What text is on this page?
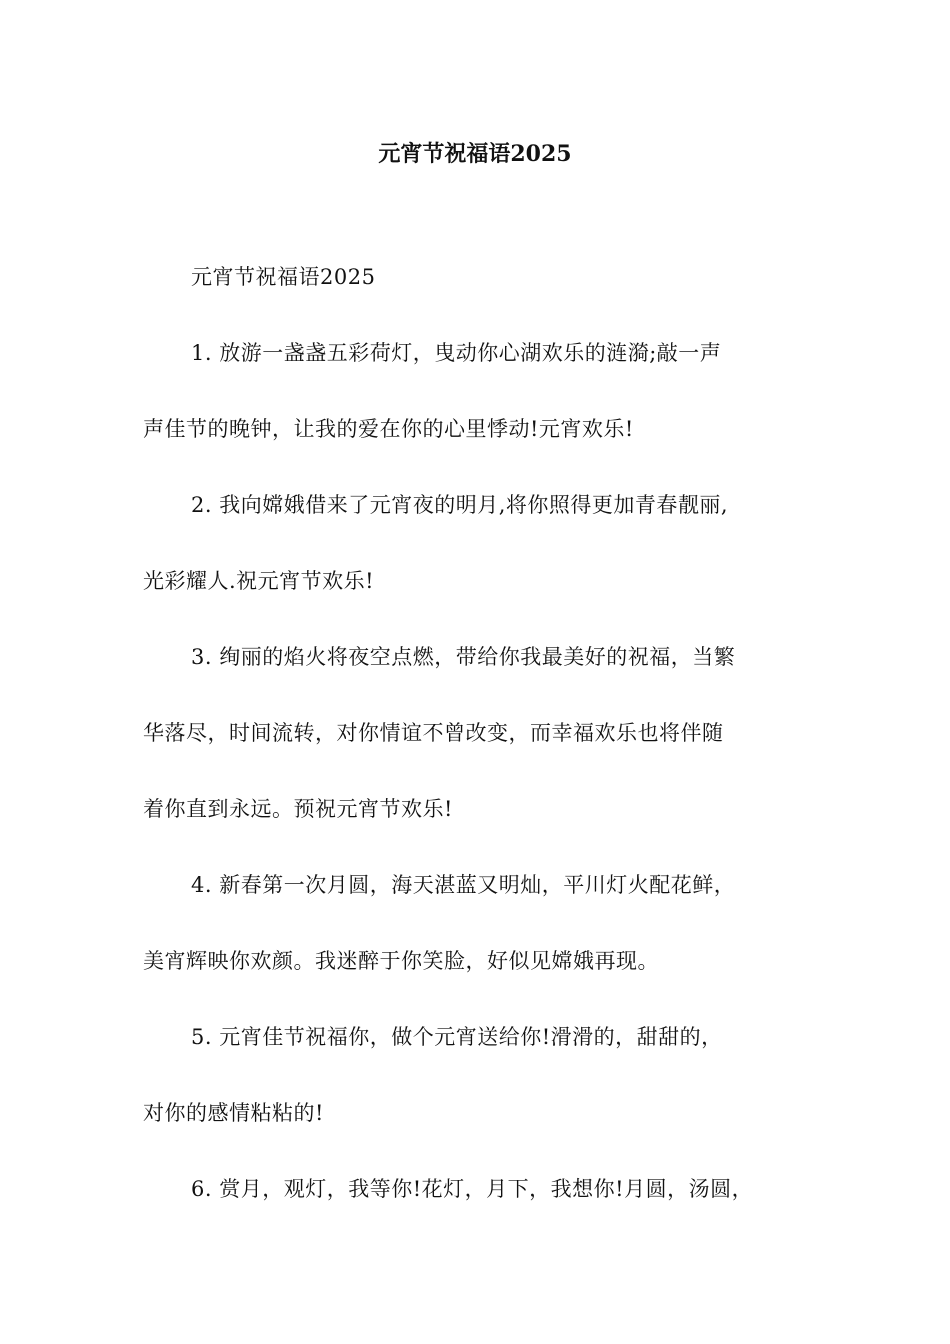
元宵节祝福语2025
元宵节祝福语2025
1. 放游一盏盏五彩荷灯，曳动你心湖欢乐的涟漪;敲一声
声佳节的晚钟，让我的爱在你的心里悸动!元宵欢乐!
2. 我向嫦娥借来了元宵夜的明月,将你照得更加青春靓丽,
光彩耀人.祝元宵节欢乐!
3. 绚丽的焰火将夜空点燃，带给你我最美好的祝福，当繁
华落尽，时间流转，对你情谊不曾改变，而幸福欢乐也将伴随
着你直到永远。预祝元宵节欢乐!
4. 新春第一次月圆，海天湛蓝又明灿，平川灯火配花鲜，
美宵辉映你欢颜。我迷醉于你笑脸，好似见嫦娥再现。
5. 元宵佳节祝福你，做个元宵送给你!滑滑的，甜甜的，
对你的感情粘粘的!
6. 赏月，观灯，我等你!花灯，月下，我想你!月圆，汤圆，
